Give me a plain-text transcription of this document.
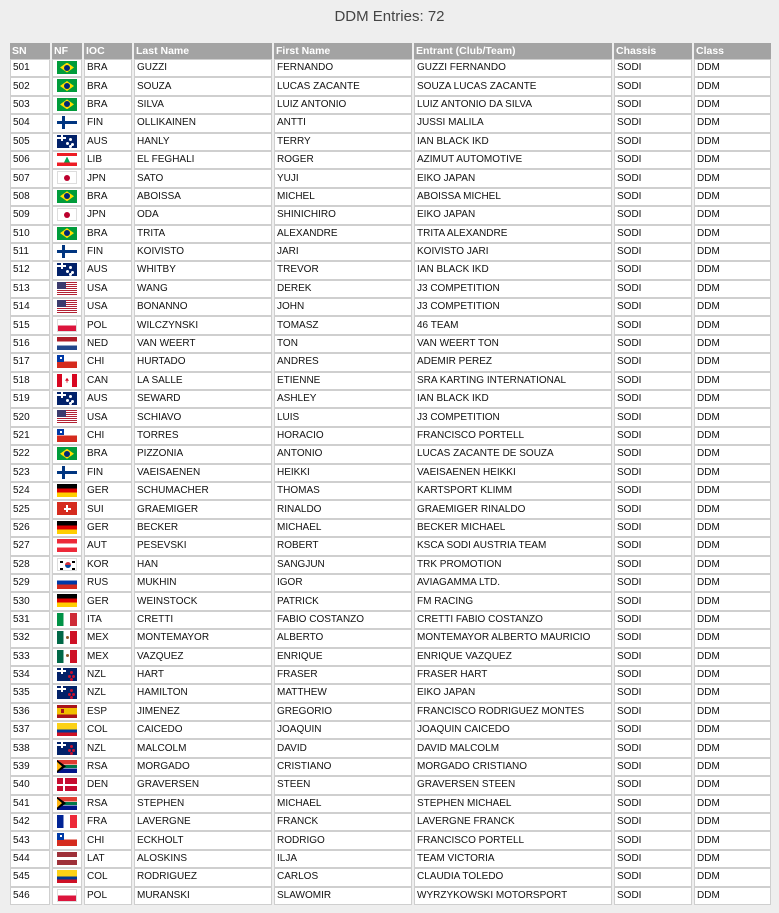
DDM Entries: 72
SN	NF	IOC	Last Name	First Name	Entrant (Club/Team)	Chassis	Class
501		BRA	GUZZI	FERNANDO	GUZZI FERNANDO	SODI	DDM
502		BRA	SOUZA	LUCAS ZACANTE	SOUZA LUCAS ZACANTE	SODI	DDM
503		BRA	SILVA	LUIZ ANTONIO	LUIZ ANTONIO DA SILVA	SODI	DDM
504		FIN	OLLIKAINEN	ANTTI	JUSSI MALILA	SODI	DDM
505		AUS	HANLY	TERRY	IAN BLACK IKD	SODI	DDM
506		LIB	EL FEGHALI	ROGER	AZIMUT AUTOMOTIVE	SODI	DDM
507		JPN	SATO	YUJI	EIKO JAPAN	SODI	DDM
508		BRA	ABOISSA	MICHEL	ABOISSA MICHEL	SODI	DDM
509		JPN	ODA	SHINICHIRO	EIKO JAPAN	SODI	DDM
510		BRA	TRITA	ALEXANDRE	TRITA ALEXANDRE	SODI	DDM
511		FIN	KOIVISTO	JARI	KOIVISTO JARI	SODI	DDM
512		AUS	WHITBY	TREVOR	IAN BLACK IKD	SODI	DDM
513		USA	WANG	DEREK	J3 COMPETITION	SODI	DDM
514		USA	BONANNO	JOHN	J3 COMPETITION	SODI	DDM
515		POL	WILCZYNSKI	TOMASZ	46 TEAM	SODI	DDM
516		NED	VAN WEERT	TON	VAN WEERT TON	SODI	DDM
517		CHI	HURTADO	ANDRES	ADEMIR PEREZ	SODI	DDM
518		CAN	LA SALLE	ETIENNE	SRA KARTING INTERNATIONAL	SODI	DDM
519		AUS	SEWARD	ASHLEY	IAN BLACK IKD	SODI	DDM
520		USA	SCHIAVO	LUIS	J3 COMPETITION	SODI	DDM
521		CHI	TORRES	HORACIO	FRANCISCO PORTELL	SODI	DDM
522		BRA	PIZZONIA	ANTONIO	LUCAS ZACANTE DE SOUZA	SODI	DDM
523		FIN	VAEISAENEN	HEIKKI	VAEISAENEN HEIKKI	SODI	DDM
524		GER	SCHUMACHER	THOMAS	KARTSPORT KLIMM	SODI	DDM
525		SUI	GRAEMIGER	RINALDO	GRAEMIGER RINALDO	SODI	DDM
526		GER	BECKER	MICHAEL	BECKER MICHAEL	SODI	DDM
527		AUT	PESEVSKI	ROBERT	KSCA SODI AUSTRIA TEAM	SODI	DDM
528		KOR	HAN	SANGJUN	TRK PROMOTION	SODI	DDM
529		RUS	MUKHIN	IGOR	AVIAGAMMA LTD.	SODI	DDM
530		GER	WEINSTOCK	PATRICK	FM RACING	SODI	DDM
531		ITA	CRETTI	FABIO COSTANZO	CRETTI FABIO COSTANZO	SODI	DDM
532		MEX	MONTEMAYOR	ALBERTO	MONTEMAYOR ALBERTO MAURICIO	SODI	DDM
533		MEX	VAZQUEZ	ENRIQUE	ENRIQUE VAZQUEZ	SODI	DDM
534		NZL	HART	FRASER	FRASER HART	SODI	DDM
535		NZL	HAMILTON	MATTHEW	EIKO JAPAN	SODI	DDM
536		ESP	JIMENEZ	GREGORIO	FRANCISCO RODRIGUEZ MONTES	SODI	DDM
537		COL	CAICEDO	JOAQUIN	JOAQUIN CAICEDO	SODI	DDM
538		NZL	MALCOLM	DAVID	DAVID MALCOLM	SODI	DDM
539		RSA	MORGADO	CRISTIANO	MORGADO CRISTIANO	SODI	DDM
540		DEN	GRAVERSEN	STEEN	GRAVERSEN STEEN	SODI	DDM
541		RSA	STEPHEN	MICHAEL	STEPHEN MICHAEL	SODI	DDM
542		FRA	LAVERGNE	FRANCK	LAVERGNE FRANCK	SODI	DDM
543		CHI	ECKHOLT	RODRIGO	FRANCISCO PORTELL	SODI	DDM
544		LAT	ALOSKINS	ILJA	TEAM VICTORIA	SODI	DDM
545		COL	RODRIGUEZ	CARLOS	CLAUDIA TOLEDO	SODI	DDM
546		POL	MURANSKI	SLAWOMIR	WYRZYKOWSKI MOTORSPORT	SODI	DDM
